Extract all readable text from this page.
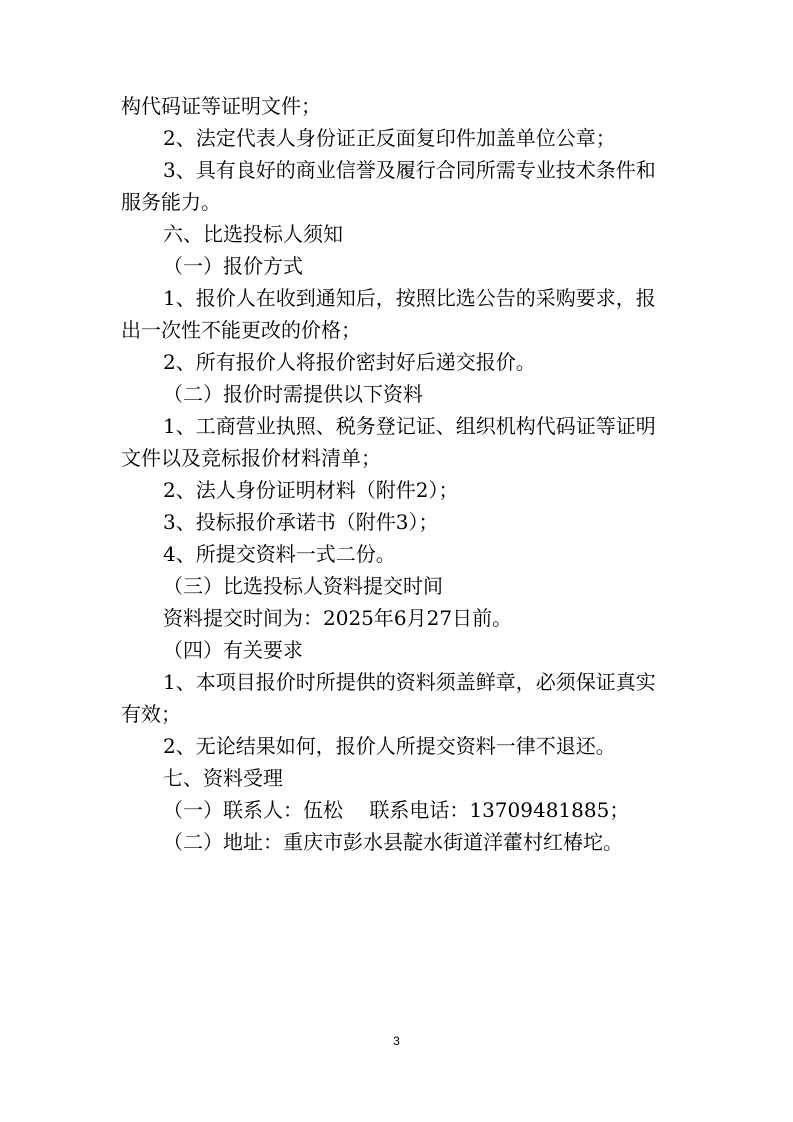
构代码证等证明文件；

2、法定代表人身份证正反面复印件加盖单位公章；

3、具有良好的商业信誉及履行合同所需专业技术条件和

服务能力。

六、比选投标人须知

（一）报价方式

1、报价人在收到通知后，按照比选公告的采购要求，报

出一次性不能更改的价格；

2、所有报价人将报价密封好后递交报价。

（二）报价时需提供以下资料

1、工商营业执照、税务登记证、组织机构代码证等证明

文件以及竞标报价材料清单；

2、法人身份证明材料（附件2）；

3、投标报价承诺书（附件3）；

4、所提交资料一式二份。

（三）比选投标人资料提交时间

资料提交时间为：2025年6月27日前。

（四）有关要求

1、本项目报价时所提供的资料须盖鲜章，必须保证真实

有效；

2、无论结果如何，报价人所提交资料一律不退还。

七、资料受理

（一）联系人：伍松　 联系电话：13709481885；

（二）地址：重庆市彭水县靛水街道洋藿村红椿坨。

3
